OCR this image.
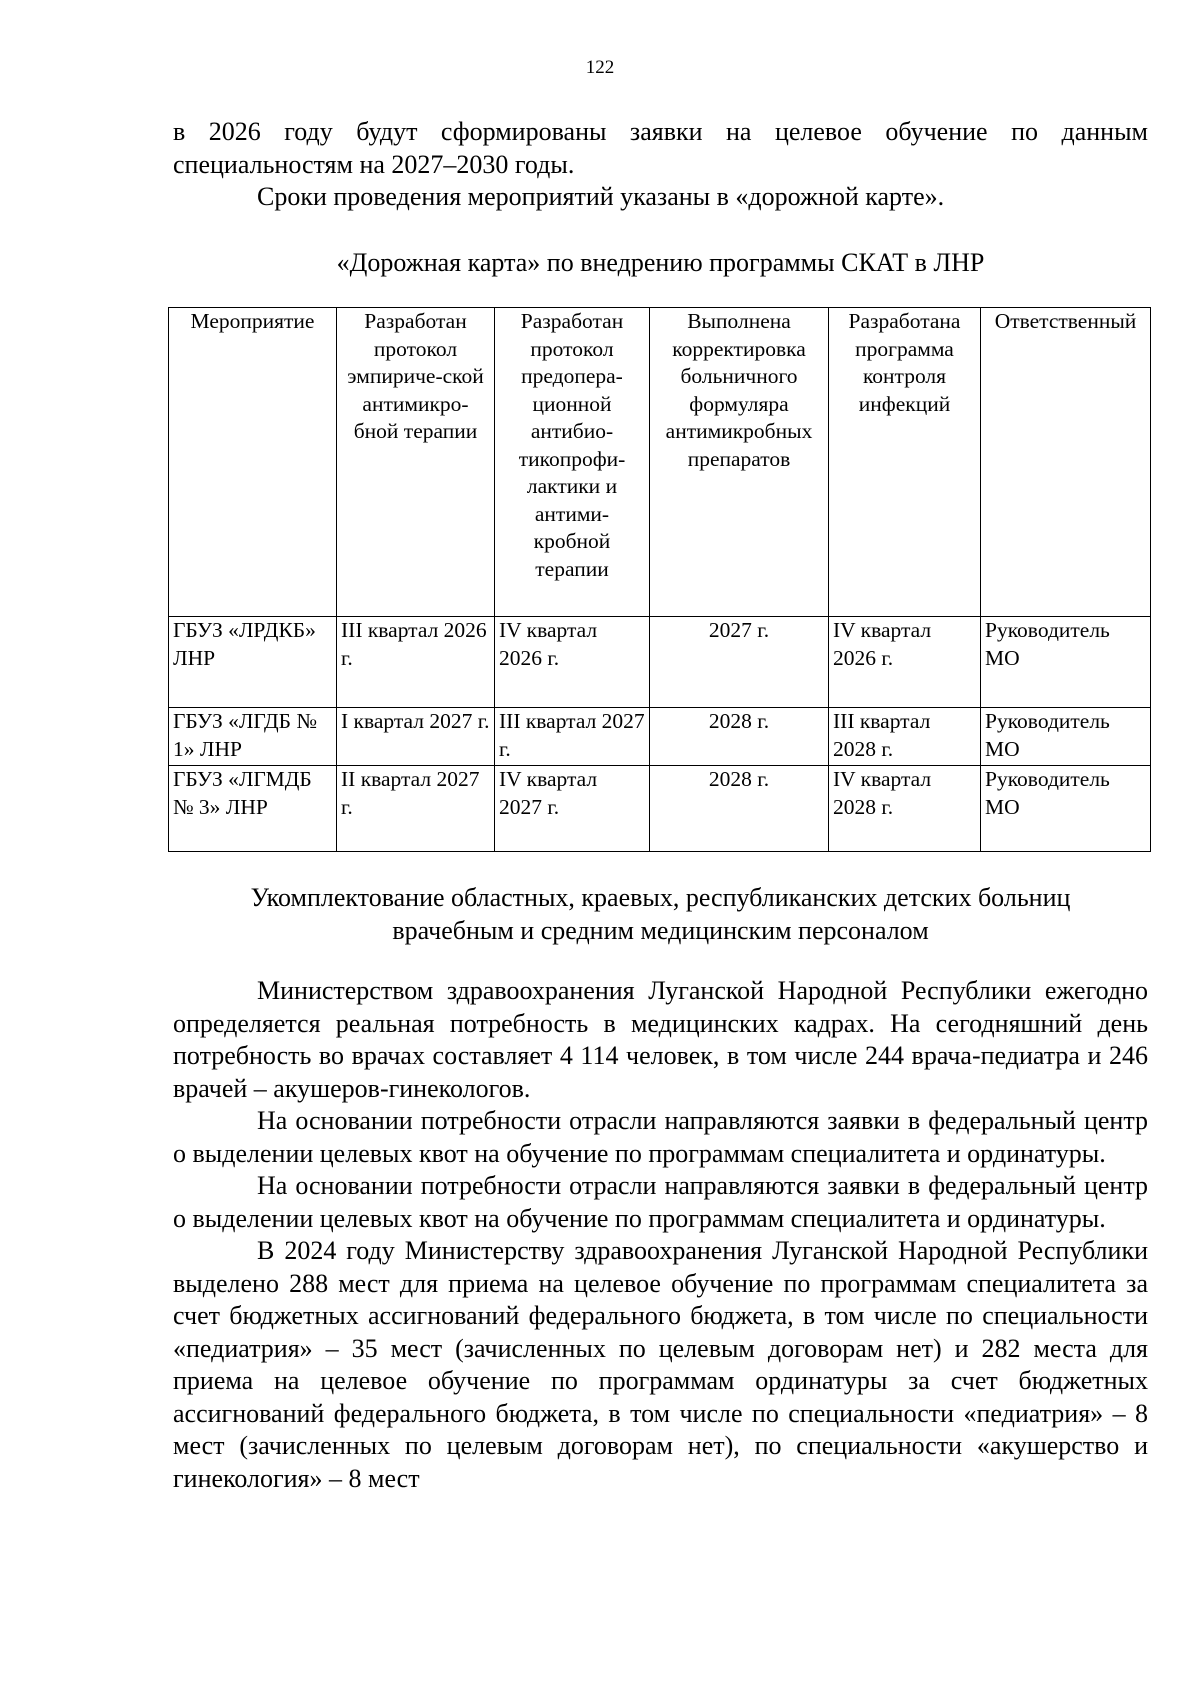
122

в 2026 году будут сформированы заявки на целевое обучение по данным специальностям на 2027–2030 годы.

Сроки проведения мероприятий указаны в «дорожной карте».

«Дорожная карта» по внедрению программы СКАТ в ЛНР
Мероприятие	Разработан протокол эмпириче-ской антимикро-бной терапии	Разработан протокол предопера-ционной антибио-тикопрофи-лактики и антими-кробной терапии	Выполнена корректировка больничного формуляра антимикробных препаратов	Разработана программа контроля инфекций	Ответственный
ГБУЗ «ЛРДКБ» ЛНР	III квартал 2026 г.	IV квартал 2026 г.	2027 г.	IV квартал 2026 г.	Руководитель МО
ГБУЗ «ЛГДБ № 1» ЛНР	I квартал 2027 г.	III квартал 2027 г.	2028 г.	III квартал 2028 г.	Руководитель МО
ГБУЗ «ЛГМДБ № 3» ЛНР	II квартал 2027 г.	IV квартал 2027 г.	2028 г.	IV квартал 2028 г.	Руководитель МО
Укомплектование областных, краевых, республиканских детских больниц
врачебным и средним медицинским персоналом

Министерством здравоохранения Луганской Народной Республики ежегодно определяется реальная потребность в медицинских кадрах. На сегодняшний день потребность во врачах составляет 4 114 человек, в том числе 244 врача-педиатра и 246 врачей – акушеров-гинекологов.

На основании потребности отрасли направляются заявки в федеральный центр о выделении целевых квот на обучение по программам специалитета и ординатуры.

На основании потребности отрасли направляются заявки в федеральный центр о выделении целевых квот на обучение по программам специалитета и ординатуры.

В 2024 году Министерству здравоохранения Луганской Народной Республики выделено 288 мест для приема на целевое обучение по программам специалитета за счет бюджетных ассигнований федерального бюджета, в том числе по специальности «педиатрия» – 35 мест (зачисленных по целевым договорам нет) и 282 места для приема на целевое обучение по программам ординатуры за счет бюджетных ассигнований федерального бюджета, в том числе по специальности «педиатрия» – 8 мест (зачисленных по целевым договорам нет), по специальности «акушерство и гинекология» – 8 мест
